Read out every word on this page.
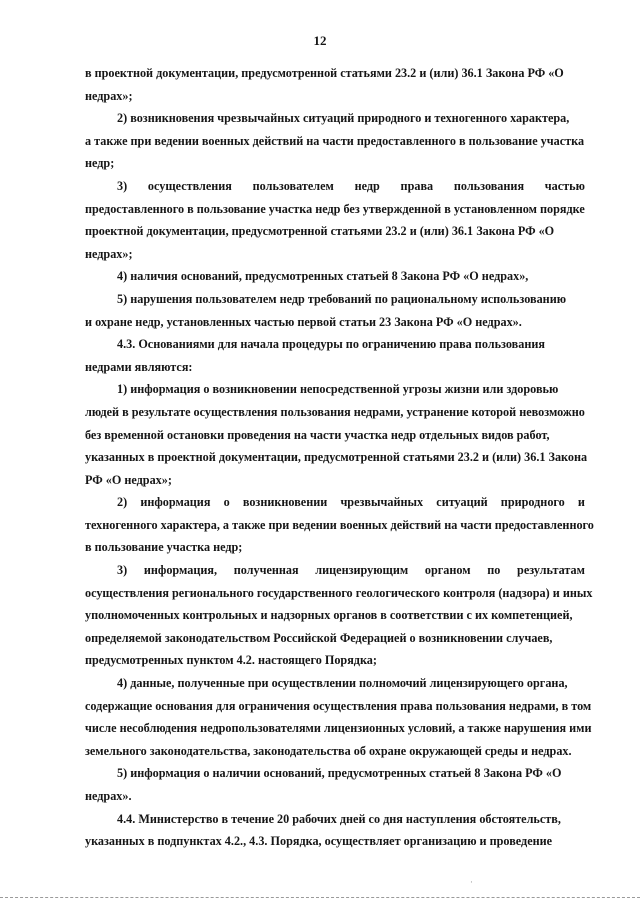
12
в проектной документации, предусмотренной статьями 23.2 и (или) 36.1 Закона РФ «О
недрах»;
2) возникновения чрезвычайных ситуаций природного и техногенного характера,
а также при ведении военных действий на части предоставленного в пользование участка
недр;
3) осуществления пользователем недр права пользования частью
предоставленного в пользование участка недр без утвержденной в установленном порядке
проектной документации, предусмотренной статьями 23.2 и (или) 36.1 Закона РФ «О
недрах»;
4) наличия оснований, предусмотренных статьей 8 Закона РФ «О недрах»,
5) нарушения пользователем недр требований по рациональному использованию
и охране недр, установленных частью первой статьи 23 Закона РФ «О недрах».
4.3. Основаниями для начала процедуры по ограничению права пользования
недрами являются:
1) информация о возникновении непосредственной угрозы жизни или здоровью
людей в результате осуществления пользования недрами, устранение которой невозможно
без временной остановки проведения на части участка недр отдельных видов работ,
указанных в проектной документации, предусмотренной статьями 23.2 и (или) 36.1 Закона
РФ «О недрах»;
2) информация о возникновении чрезвычайных ситуаций природного и
техногенного характера, а также при ведении военных действий на части предоставленного
в пользование участка недр;
3) информация, полученная лицензирующим органом по результатам
осуществления регионального государственного геологического контроля (надзора) и иных
уполномоченных контрольных и надзорных органов в соответствии с их компетенцией,
определяемой законодательством Российской Федерацией о возникновении случаев,
предусмотренных пунктом 4.2. настоящего Порядка;
4) данные, полученные при осуществлении полномочий лицензирующего органа,
содержащие основания для ограничения осуществления права пользования недрами, в том
числе несоблюдения недропользователями лицензионных условий, а также нарушения ими
земельного законодательства, законодательства об охране окружающей среды и недрах.
5) информация о наличии оснований, предусмотренных статьей 8 Закона РФ «О
недрах».
4.4. Министерство в течение 20 рабочих дней со дня наступления обстоятельств,
указанных в подпунктах 4.2., 4.3. Порядка, осуществляет организацию и проведение
·
